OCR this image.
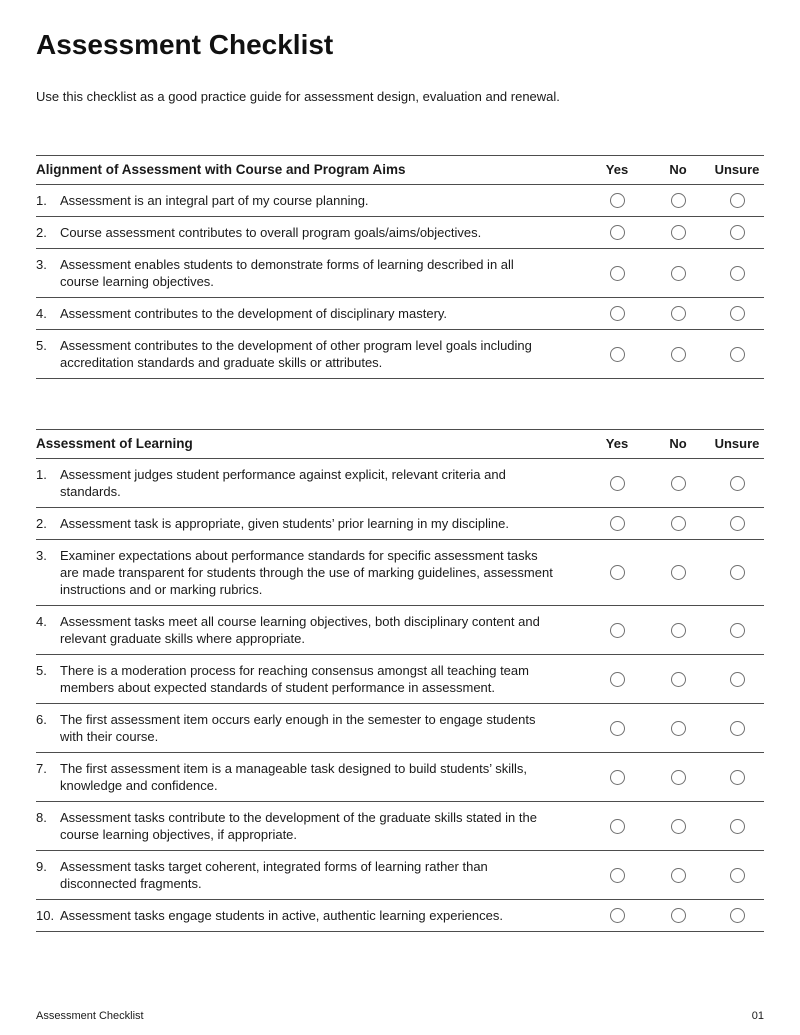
Assessment Checklist

Use this checklist as a good practice guide for assessment design, evaluation and renewal.

Alignment of Assessment with Course and Program Aims	Yes	No Unsure
1.	Assessment is an integral part of my course planning.
2.	Course assessment contributes to overall program goals/aims/objectives.
3.	Assessment enables students to demonstrate forms of learning described in all course learning objectives.
4.	Assessment contributes to the development of disciplinary mastery.
5.	Assessment contributes to the development of other program level goals including accreditation standards and graduate skills or attributes.
Assessment of Learning	Yes	No Unsure
1.	Assessment judges student performance against explicit, relevant criteria and standards.
2.	Assessment task is appropriate, given students’ prior learning in my discipline.
3.	Examiner expectations about performance standards for specific assessment tasks are made transparent for students through the use of marking guidelines, assessment instructions and or marking rubrics.
4.	Assessment tasks meet all course learning objectives, both disciplinary content and relevant graduate skills where appropriate.
5.	There is a moderation process for reaching consensus amongst all teaching team members about expected standards of student performance in assessment.
6.	The first assessment item occurs early enough in the semester to engage students with their course.
7.	The first assessment item is a manageable task designed to build students’ skills, knowledge and confidence.
8.	Assessment tasks contribute to the development of the graduate skills stated in the course learning objectives, if appropriate.
9.	Assessment tasks target coherent, integrated forms of learning rather than disconnected fragments.
10. Assessment tasks engage students in active, authentic learning experiences.
Assessment Checklist	01
